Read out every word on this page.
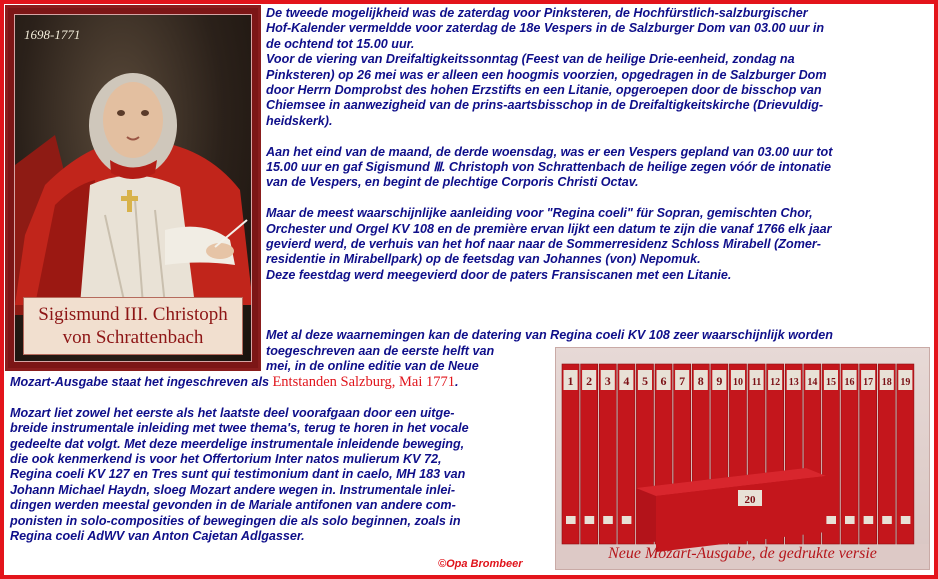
1698-1771
Sigismund III. Christoph
von Schrattenbach

De tweede mogelijkheid was de zaterdag voor Pinksteren, de Hochfürstlich-salzburgischer

Hof-Kalender vermeldde voor zaterdag de 18e Vespers in de Salzburger Dom van 03.00 uur in

de ochtend tot 15.00 uur.

Voor de viering van Dreifaltigkeitssonntag (Feest van de heilige Drie-eenheid, zondag na

Pinksteren) op 26 mei was er alleen een hoogmis voorzien, opgedragen in de Salzburger Dom

door Herrn Domprobst des hohen Erzstifts en een Litanie, opgeroepen door de bisschop van

Chiemsee in aanwezigheid van de prins-aartsbisschop in de Dreifaltigkeitskirche (Drievuldig-

heidskerk).

Aan het eind van de maand, de derde woensdag, was er een Vespers gepland van 03.00 uur tot

15.00 uur en gaf Sigismund Ⅲ. Christoph von Schrattenbach de heilige zegen vóór de intonatie

van de Vespers, en begint de plechtige Corporis Christi Octav.

Maar de meest waarschijnlijke aanleiding voor "Regina coeli" für Sopran, gemischten Chor,

Orchester und Orgel KV 108 en de première ervan lijkt een datum te zijn die vanaf 1766 elk jaar

gevierd werd, de verhuis van het hof naar naar de Sommerresidenz Schloss Mirabell (Zomer-

residentie in Mirabellpark) op de feetsdag van Johannes (von) Nepomuk.

Deze feestdag werd meegevierd door de paters Fransiscanen met een Litanie.

Met al deze waarnemingen kan de datering van Regina coeli KV 108 zeer waarschijnlijk worden

toegeschreven aan de eerste helft van

mei, in de online editie van de Neue

Mozart-Ausgabe staat het ingeschreven als Entstanden Salzburg, Mai 1771.

Mozart liet zowel het eerste als het laatste deel voorafgaan door een uitge-

breide instrumentale inleiding met twee thema's, terug te horen in het vocale

gedeelte dat volgt. Met deze meerdelige instrumentale inleidende beweging,

die ook kenmerkend is voor het Offertorium Inter natos mulierum KV 72,

Regina coeli KV 127 en Tres sunt qui testimonium dant in caelo, MH 183 van

Johann Michael Haydn, sloeg Mozart andere wegen in. Instrumentale inlei-

dingen werden meestal gevonden in de Mariale antifonen van andere com-

ponisten in solo-composities of bewegingen die als solo beginnen, zoals in

Regina coeli AdWV van Anton Cajetan Adlgasser.

©Opa Brombeer
1 2 3 4 5 6 7 8 9 10 11 12 13 14 15 16 17 18 19
20
Neue Mozart-Ausgabe, de gedrukte versie
